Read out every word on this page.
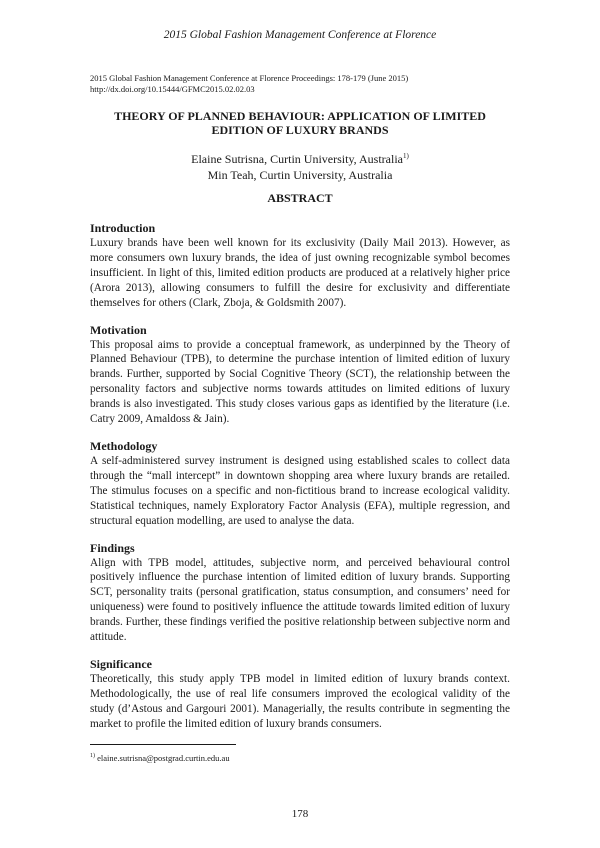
2015 Global Fashion Management Conference at Florence
2015 Global Fashion Management Conference at Florence Proceedings: 178-179 (June 2015)
http://dx.doi.org/10.15444/GFMC2015.02.02.03
THEORY OF PLANNED BEHAVIOUR: APPLICATION OF LIMITED
EDITION OF LUXURY BRANDS
Elaine Sutrisna, Curtin University, Australia$^{1)}$
Min Teah, Curtin University, Australia
ABSTRACT
Introduction

Luxury brands have been well known for its exclusivity (Daily Mail 2013). However, as more consumers own luxury brands, the idea of just owning recognizable symbol becomes insufficient. In light of this, limited edition products are produced at a relatively higher price (Arora 2013), allowing consumers to fulfill the desire for exclusivity and differentiate themselves for others (Clark, Zboja, & Goldsmith 2007).

Motivation

This proposal aims to provide a conceptual framework, as underpinned by the Theory of Planned Behaviour (TPB), to determine the purchase intention of limited edition of luxury brands. Further, supported by Social Cognitive Theory (SCT), the relationship between the personality factors and subjective norms towards attitudes on limited editions of luxury brands is also investigated. This study closes various gaps as identified by the literature (i.e. Catry 2009, Amaldoss & Jain).

Methodology

A self-administered survey instrument is designed using established scales to collect data through the “mall intercept” in downtown shopping area where luxury brands are retailed. The stimulus focuses on a specific and non-fictitious brand to increase ecological validity. Statistical techniques, namely Exploratory Factor Analysis (EFA), multiple regression, and structural equation modelling, are used to analyse the data.

Findings

Align with TPB model, attitudes, subjective norm, and perceived behavioural control positively influence the purchase intention of limited edition of luxury brands. Supporting SCT, personality traits (personal gratification, status consumption, and consumers’ need for uniqueness) were found to positively influence the attitude towards limited edition of luxury brands. Further, these findings verified the positive relationship between subjective norm and attitude.

Significance

Theoretically, this study apply TPB model in limited edition of luxury brands context. Methodologically, the use of real life consumers improved the ecological validity of the study (d’Astous and Gargouri 2001). Managerially, the results contribute in segmenting the market to profile the limited edition of luxury brands consumers.

$^{1)}$ elaine.sutrisna@postgrad.curtin.edu.au
178
